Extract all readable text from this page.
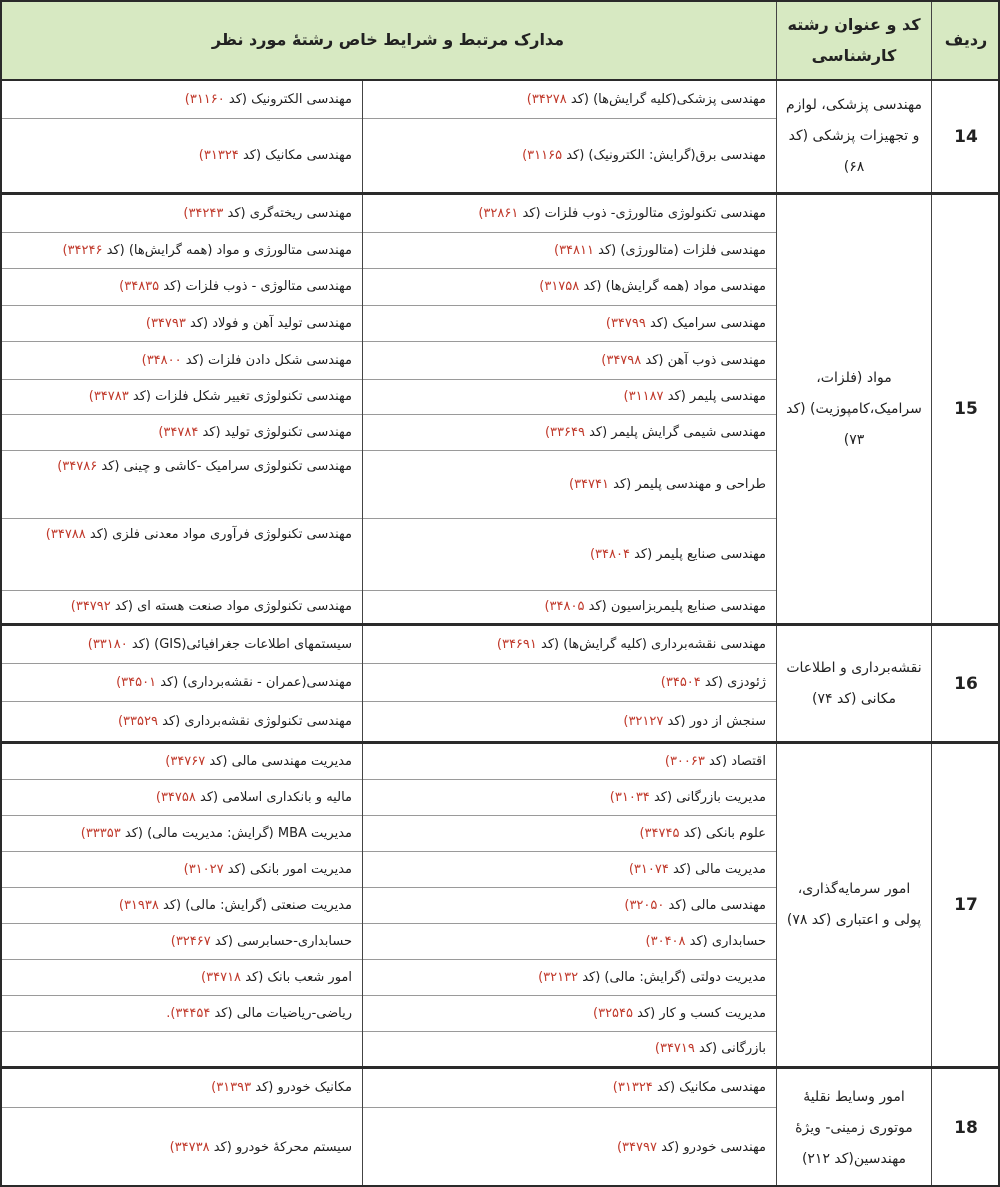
ردیف
کد و عنوان رشته کارشناسی
مدارک مرتبط و شرایط خاص رشتهٔ مورد نظر
14
مهندسی پزشکی، لوازم و تجهیزات پزشکی (کد ۶۸)
مهندسی پزشکی(کلیه گرایش‌ها) (کد ۳۴۲۷۸)
مهندسی برق(گرایش: الکترونیک) (کد ۳۱۱۶۵)
مهندسی الکترونیک (کد ۳۱۱۶۰)
مهندسی مکانیک (کد ۳۱۳۲۴)
15
مواد (فلزات، سرامیک،کامپوزیت) (کد ۷۳)
مهندسی تکنولوژی متالورژی- ذوب فلزات (کد ۳۲۸۶۱)
مهندسی فلزات (متالورژی) (کد ۳۴۸۱۱)
مهندسی مواد (همه گرایش‌ها) (کد ۳۱۷۵۸)
مهندسی سرامیک (کد ۳۴۷۹۹)
مهندسی ذوب آهن (کد ۳۴۷۹۸)
مهندسی پلیمر (کد ۳۱۱۸۷)
مهندسی شیمی گرایش پلیمر (کد ۳۳۶۴۹)
طراحی و مهندسی پلیمر (کد ۳۴۷۴۱)
مهندسی صنایع پلیمر (کد ۳۴۸۰۴)
مهندسی صنایع پلیمربزاسیون (کد ۳۴۸۰۵)
مهندسی ریخته‌گری (کد ۳۴۲۴۳)
مهندسی متالورژی و مواد (همه گرایش‌ها) (کد ۳۴۲۴۶)
مهندسی متالوژی - ذوب فلزات (کد ۳۴۸۳۵)
مهندسی تولید آهن و فولاد (کد ۳۴۷۹۳)
مهندسی شکل دادن فلزات (کد ۳۴۸۰۰)
مهندسی تکنولوژی تغییر شکل فلزات (کد ۳۴۷۸۳)
مهندسی تکنولوژی تولید (کد ۳۴۷۸۴)
مهندسی تکنولوژی سرامیک -کاشی و چینی (کد ۳۴۷۸۶)
مهندسی تکنولوژی فرآوری مواد معدنی فلزی (کد ۳۴۷۸۸)
مهندسی تکنولوژی مواد صنعت هسته ای (کد ۳۴۷۹۲)
16
نقشه‌برداری و اطلاعات مکانی (کد ۷۴)
مهندسی نقشه‌برداری (کلیه گرایش‌ها) (کد ۳۴۶۹۱)
ژئودزی (کد ۳۴۵۰۴)
سنجش از دور (کد ۳۲۱۲۷)
سیستمهای اطلاعات جغرافیائی(GIS) (کد ۳۳۱۸۰)
مهندسی(عمران - نقشه‌برداری) (کد ۳۴۵۰۱)
مهندسی تکنولوژی نقشه‌برداری (کد ۳۳۵۲۹)
17
امور سرمایه‌گذاری، پولی و اعتباری (کد ۷۸)
اقتصاد (کد ۳۰۰۶۳)
مدیریت بازرگانی (کد ۳۱۰۳۴)
علوم بانکی (کد ۳۴۷۴۵)
مدیریت مالی (کد ۳۱۰۷۴)
مهندسی مالی (کد ۳۲۰۵۰)
حسابداری (کد ۳۰۴۰۸)
مدیریت دولتی (گرایش: مالی) (کد ۳۲۱۳۲)
مدیریت کسب و کار (کد ۳۲۵۴۵)
بازرگانی (کد ۳۴۷۱۹)
مدیریت مهندسی مالی (کد ۳۴۷۶۷)
مالیه و بانکداری اسلامی (کد ۳۴۷۵۸)
مدیریت MBA (گرایش: مدیریت مالی) (کد ۳۳۳۵۳)
مدیریت امور بانکی (کد ۳۱۰۲۷)
مدیریت صنعتی (گرایش: مالی) (کد ۳۱۹۳۸)
حسابداری-حسابرسی (کد ۳۲۴۶۷)
امور شعب بانک (کد ۳۴۷۱۸)
ریاضی-ریاضیات مالی (کد ۳۴۴۵۴).
18
امور وسایط نقلیهٔ موتوری زمینی- ویژهٔ مهندسین(کد ۲۱۲)
مهندسی مکانیک (کد ۳۱۳۲۴)
مهندسی خودرو (کد ۳۴۷۹۷)
مکانیک خودرو (کد ۳۱۳۹۳)
سیستم محرکهٔ خودرو (کد ۳۴۷۳۸)
